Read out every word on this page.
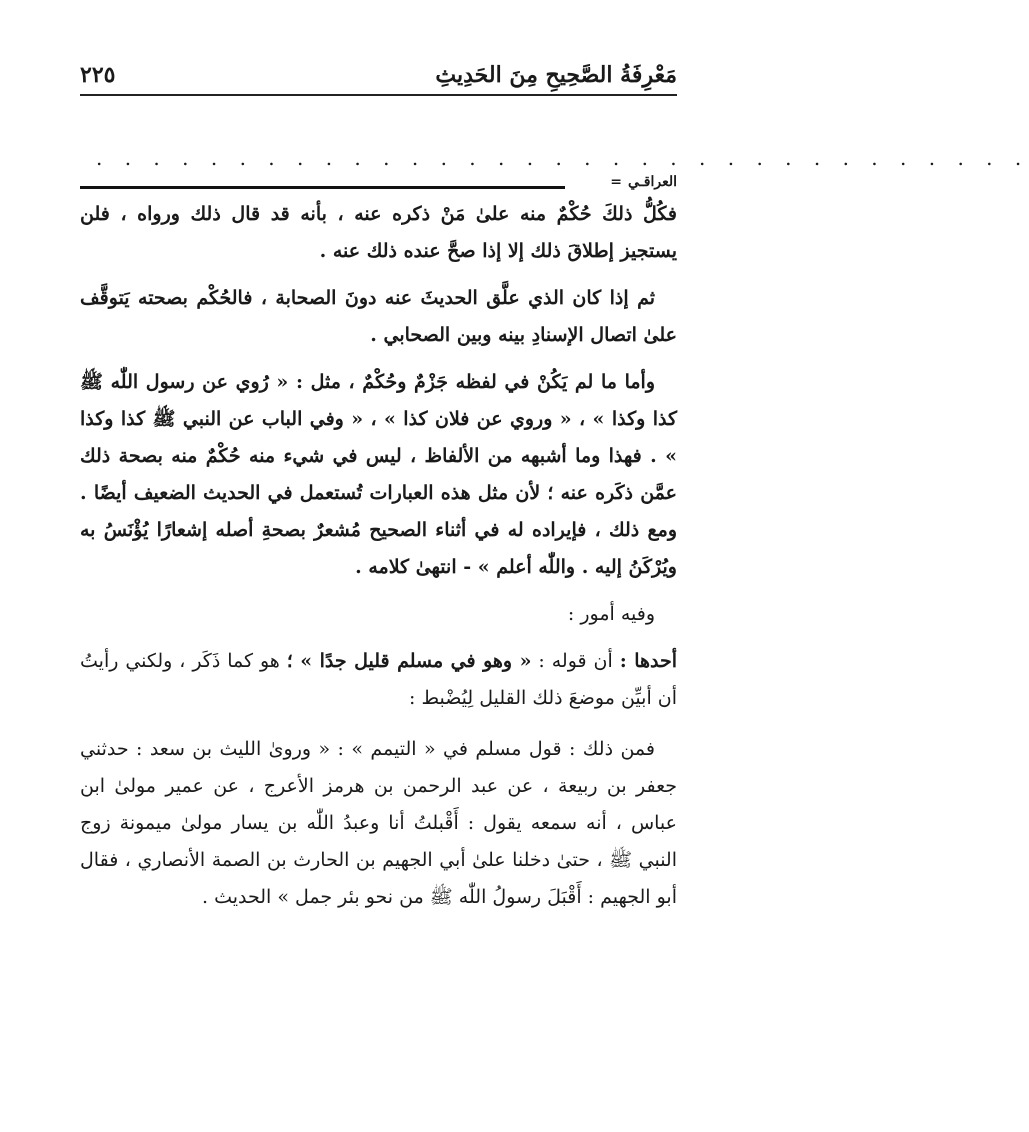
مَعْرِفَةُ الصَّحِيحِ مِنَ الحَدِيثِ
٢٢٥
. . . . . . . . . . . . . . . . . . . . . . . . . . . . . . . . .
العراقـي
=

فكُلُّ ذلكَ حُكْمٌ منه علىٰ مَنْ ذكره عنه ، بأنه قد قال ذلك ورواه ، فلن يستجيز إطلاقَ ذلك إلا إذا صحَّ عنده ذلك عنه .

ثم إذا كان الذي علَّق الحديثَ عنه دونَ الصحابة ، فالحُكْم بصحته يَتوقَّف علىٰ اتصال الإسنادِ بينه وبين الصحابي .

وأما ما لم يَكُنْ في لفظه جَزْمٌ وحُكْمٌ ، مثل : « رُوي عن رسول اللّٰه ﷺ كذا وكذا » ، « وروي عن فلان كذا » ، « وفي الباب عن النبي ﷺ كذا وكذا » . فهذا وما أشبهه من الألفاظ ، ليس في شيء منه حُكْمٌ منه بصحة ذلك عمَّن ذكَره عنه ؛ لأن مثل هذه العبارات تُستعمل في الحديث الضعيف أيضًا . ومع ذلك ، فإيراده له في أثناء الصحيح مُشعرٌ بصحةِ أصله إشعارًا يُؤْنَسُ به ويُرْكَنُ إليه . واللّٰه أعلم » - انتهىٰ كلامه .

وفيه أمور :

أحدها : أن قوله : « وهو في مسلم قليل جدًا » ؛ هو كما ذَكَر ، ولكني رأيتُ أن أبيِّن موضعَ ذلك القليل لِيُضْبط :

فمن ذلك : قول مسلم في « التيمم » : « وروىٰ الليث بن سعد : حدثني جعفر بن ربيعة ، عن عبد الرحمن بن هرمز الأعرج ، عن عمير مولىٰ ابن عباس ، أنه سمعه يقول : أَقْبلتُ أنا وعبدُ اللّٰه بن يسار مولىٰ ميمونة زوج النبي ﷺ ، حتىٰ دخلنا علىٰ أبي الجهيم بن الحارث بن الصمة الأنصاري ، فقال أبو الجهيم : أَقْبَلَ رسولُ اللّٰه ﷺ من نحو بئر جمل » الحديث .
